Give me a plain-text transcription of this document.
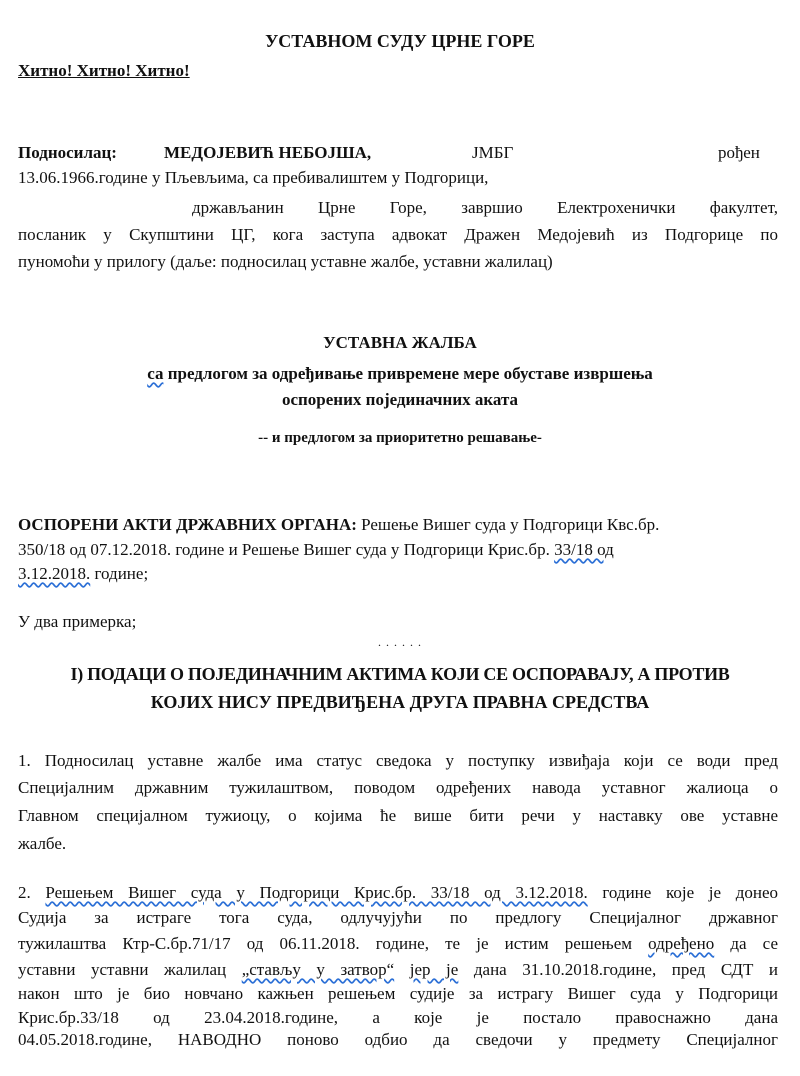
УСТАВНОМ СУДУ ЦРНЕ ГОРЕ
Хитно! Хитно! Хитно!
Подносилац:	МЕДОЈЕВИЋ НЕБОЈША,	ЈМБГ	рођен
13.06.1966.године у Пљевљима, са пребивалиштем у Подгорици,
држављанин Црне Горе, завршио Електрохенички факултет,
посланик у Скупштини ЦГ, кога заступа адвокат Дражен Медојевић из Подгорице по
пуномоћи у прилогу (даље: подносилац уставне жалбе, уставни жалилац)
УСТАВНА ЖАЛБА
са предлогом за одређивање привремене мере обуставе извршења
оспорених појединачних аката
-- и предлогом за приоритетно решавање-
ОСПОРЕНИ АКТИ ДРЖАВНИХ ОРГАНА: Решење Вишег суда у Подгорици Квс.бр.
350/18 од 07.12.2018. године и Решење Вишег суда у Подгорици Крис.бр. 33/18 од
3.12.2018. године;
У два примерка;
. . . . . .
I) ПОДАЦИ О ПОЈЕДИНАЧНИМ АКТИМА КОЈИ СЕ ОСПОРАВАЈУ, А ПРОТИВ
КОЈИХ НИСУ ПРЕДВИЂЕНА ДРУГА ПРАВНА СРЕДСТВА
1. Подносилац уставне жалбе има статус сведока у поступку извиђаја који се води пред
Специјалним државним тужилаштвом, поводом одређених навода уставног жалиоца о
Главном специјалном тужиоцу, о којима ће више бити речи у наставку ове уставне
жалбе.
2. Решењем Вишег суда у Подгорици Крис.бр. 33/18 од 3.12.2018. године које је донео
Судија за истраге тога суда, одлучујући по предлогу Специјалног државног
тужилаштва Ктр-С.бр.71/17 од 06.11.2018. године, те је истим решењем одређено да се
уставни уставни жалилац „стављу у затвор“ јер је дана 31.10.2018.године, пред СДТ и
након што је био новчано кажњен решењем судије за истрагу Вишег суда у Подгорици
Крис.бр.33/18 од 23.04.2018.године, а које је постало правоснажно дана
04.05.2018.године, НАВОДНО поново одбио да сведочи у предмету Специјалног
